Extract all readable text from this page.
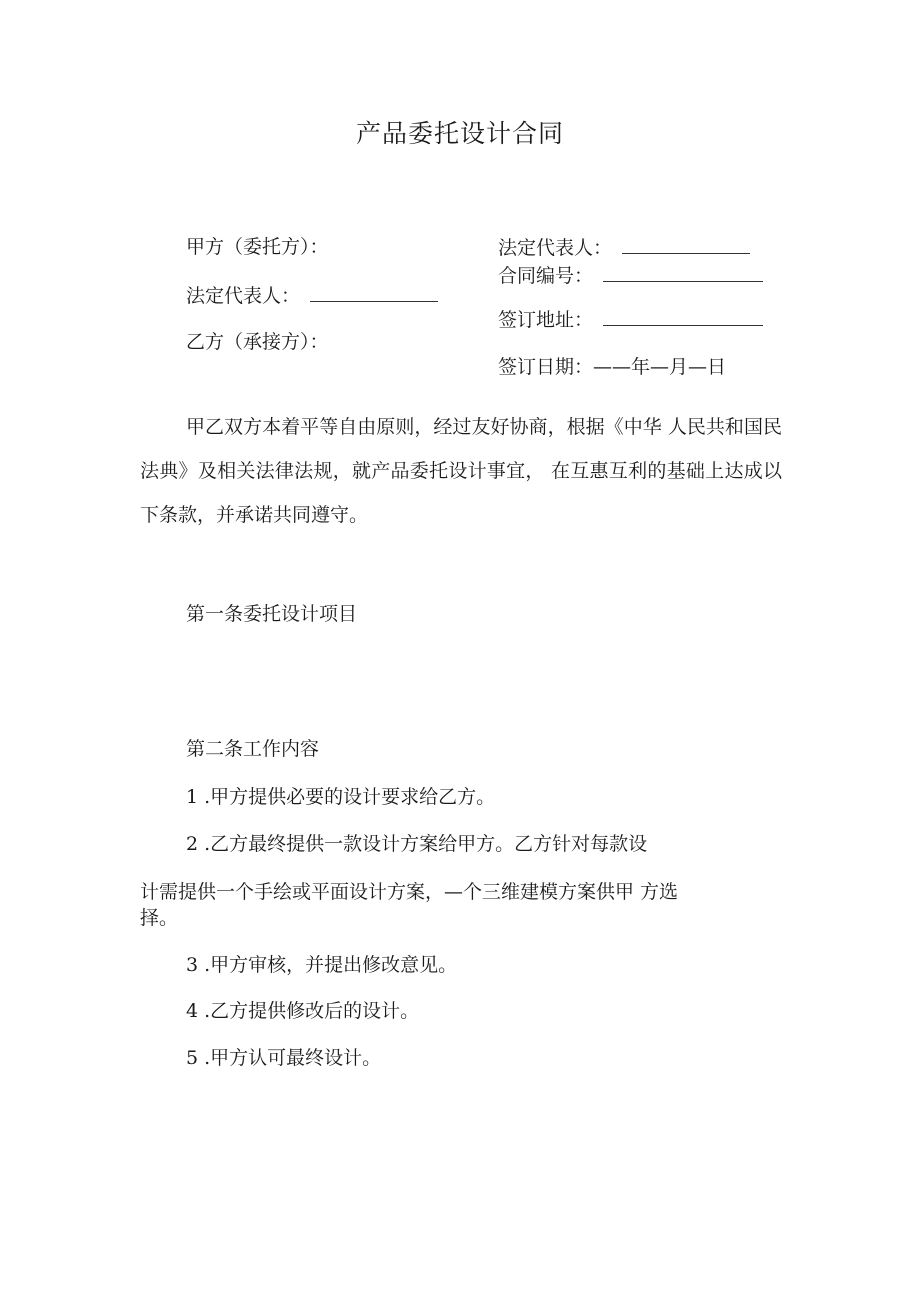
产品委托设计合同
甲方（委托方）：
法定代表人：
乙方（承接方）：
法定代表人：
合同编号：
签订地址：
签订日期：——年—月—日
甲乙双方本着平等自由原则，经过友好协商，根据《中华 人民共和国民法典》及相关法律法规，就产品委托设计事宜， 在互惠互利的基础上达成以下条款，并承诺共同遵守。
第一条委托设计项目
第二条工作内容
1 .甲方提供必要的设计要求给乙方。
2 .乙方最终提供一款设计方案给甲方。乙方针对每款设
计需提供一个手绘或平面设计方案，—个三维建模方案供甲 方选
择。
3 .甲方审核，并提出修改意见。
4 .乙方提供修改后的设计。
5 .甲方认可最终设计。
